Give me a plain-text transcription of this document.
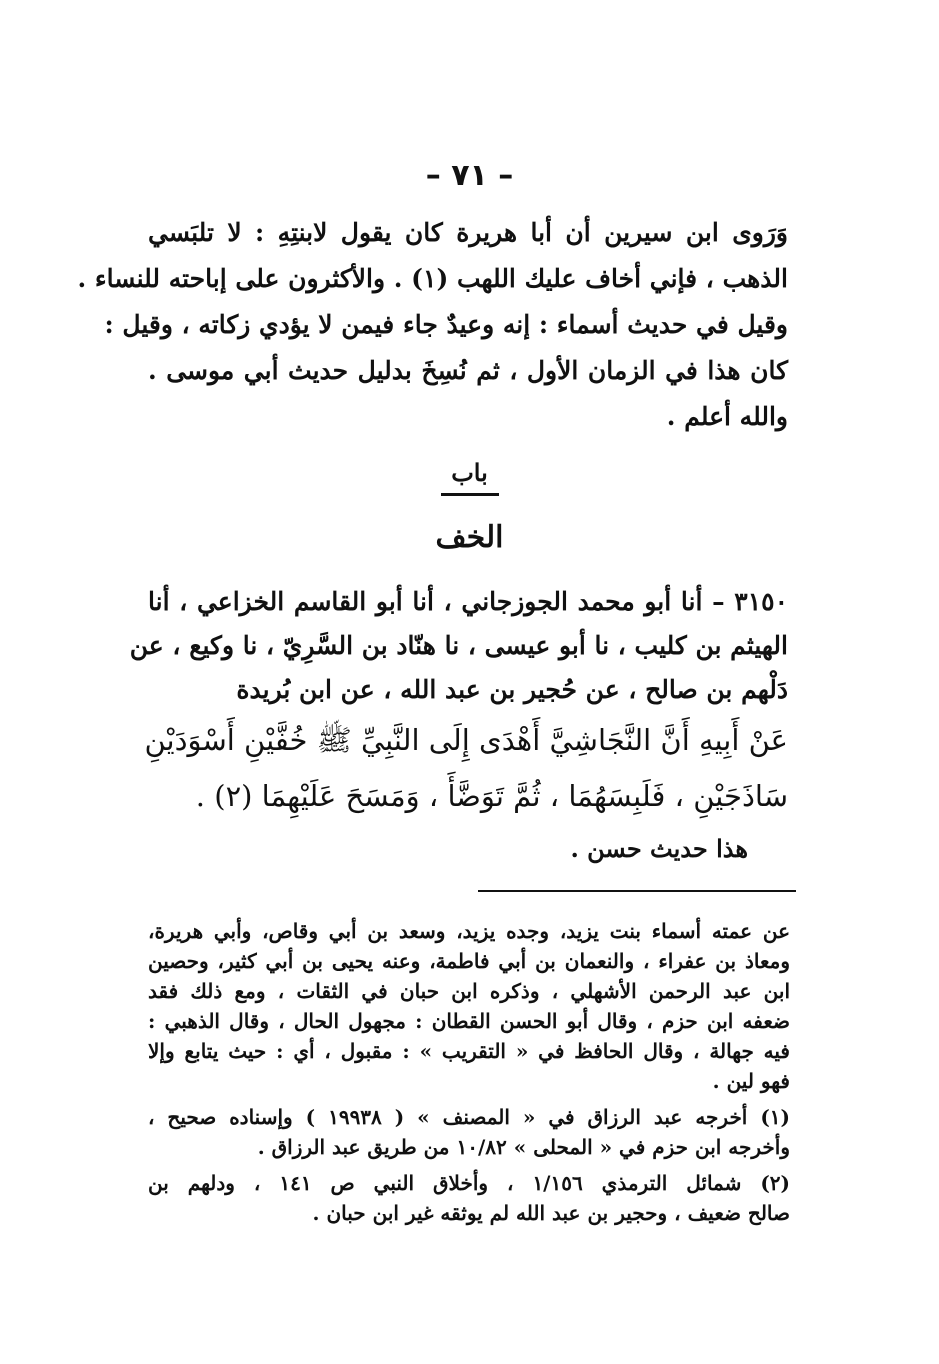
– ٧١ –
وَرَوى ابن سيرين أن أبا هريرة كان يقول لابنتِهِ : لا تلبَسي
الذهب ، فإني أخاف عليك اللهب (١) . والأكثرون على إباحته للنساء .
وقيل في حديث أسماء : إنه وعيدٌ جاء فيمن لا يؤدي زكاته ، وقيل :
كان هذا في الزمان الأول ، ثم نُسِخَ بدليل حديث أبي موسى .
والله أعلم .
باب
الخف
٣١٥٠ – أنا أبو محمد الجوزجاني ، أنا أبو القاسم الخزاعي ، أنا
الهيثم بن كليب ، نا أبو عيسى ، نا هنّاد بن السَّرِيّ ، نا وكيع ، عن
دَلْهم بن صالح ، عن حُجير بن عبد الله ، عن ابن بُريدة
عَنْ أَبِيهِ أَنَّ النَّجَاشِيَّ أَهْدَى إِلَى النَّبِيِّ ﷺ خُفَّيْنِ أَسْوَدَيْنِ
سَاذَجَيْنِ ، فَلَبِسَهُمَا ، ثُمَّ تَوَضَّأَ ، وَمَسَحَ عَلَيْهِمَا (٢) .
هذا حديث حسن .
عن عمته أسماء بنت يزيد، وجده يزيد، وسعد بن أبي وقاص، وأبي هريرة،
ومعاذ بن عفراء ، والنعمان بن أبي فاطمة، وعنه يحيى بن أبي كثير، وحصين
ابن عبد الرحمن الأشهلي ، وذكره ابن حبان في الثقات ، ومع ذلك فقد
ضعفه ابن حزم ، وقال أبو الحسن القطان : مجهول الحال ، وقال الذهبي :
فيه جهالة ، وقال الحافظ في « التقريب » : مقبول ، أي : حيث يتابع وإلا
فهو لين .
(١) أخرجه عبد الرزاق في « المصنف » ( ١٩٩٣٨ ) وإسناده صحيح ،
وأخرجه ابن حزم في « المحلى » ١٠/٨٢ من طريق عبد الرزاق .
(٢) شمائل الترمذي ١/١٥٦ ، وأخلاق النبي ص ١٤١ ، ودلهم بن
صالح ضعيف ، وحجير بن عبد الله لم يوثقه غير ابن حبان .
